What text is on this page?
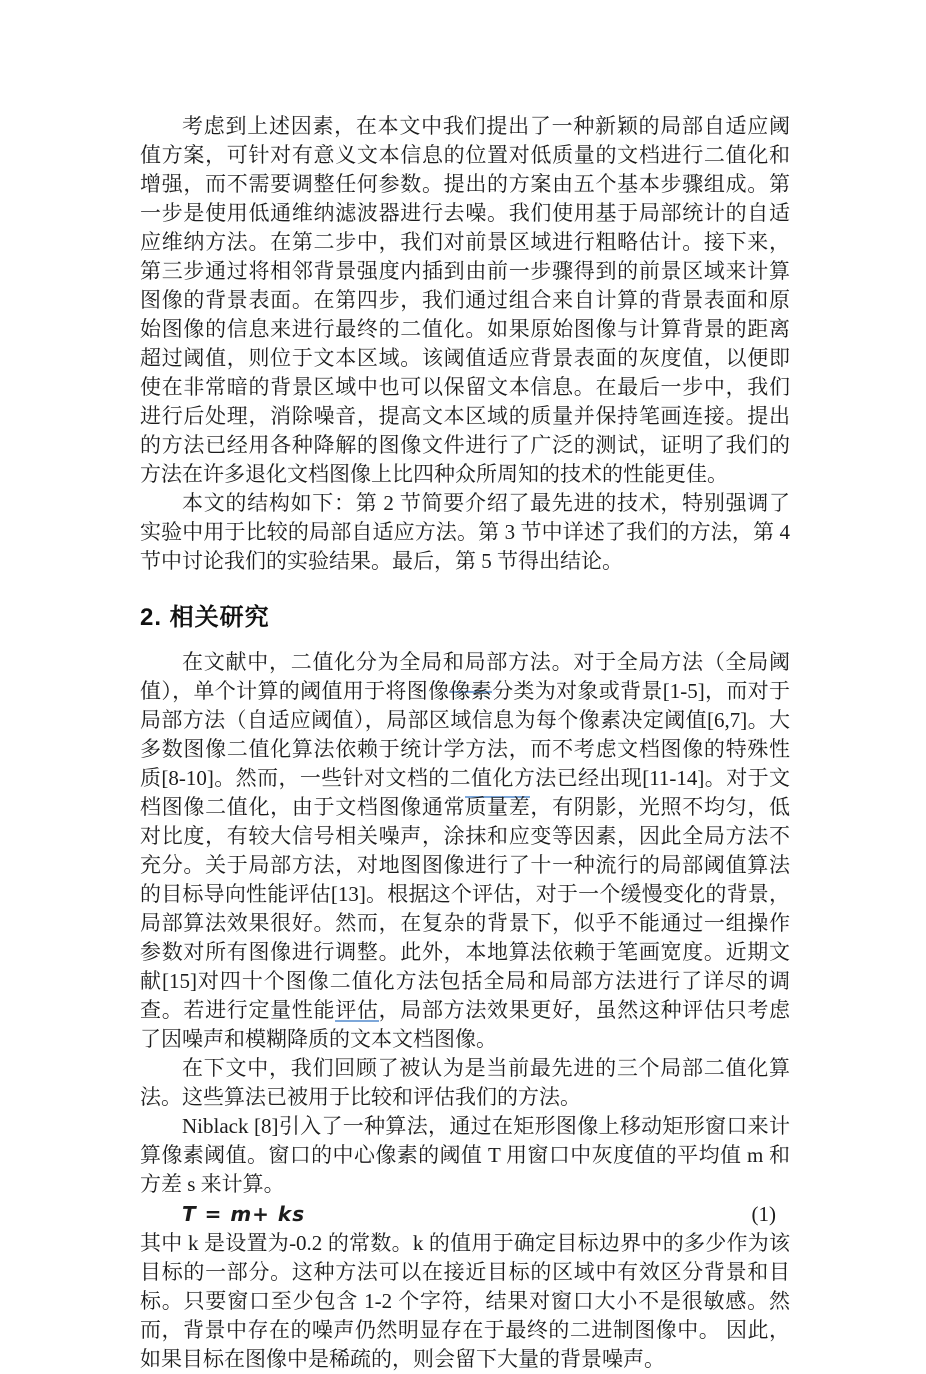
考虑到上述因素，在本文中我们提出了一种新颖的局部自适应阈值方案，可针对有意义文本信息的位置对低质量的文档进行二值化和增强，而不需要调整任何参数。提出的方案由五个基本步骤组成。第一步是使用低通维纳滤波器进行去噪。我们使用基于局部统计的自适应维纳方法。在第二步中，我们对前景区域进行粗略估计。接下来，第三步通过将相邻背景强度内插到由前一步骤得到的前景区域来计算图像的背景表面。在第四步，我们通过组合来自计算的背景表面和原始图像的信息来进行最终的二值化。如果原始图像与计算背景的距离超过阈值，则位于文本区域。该阈值适应背景表面的灰度值，以便即使在非常暗的背景区域中也可以保留文本信息。在最后一步中，我们进行后处理，消除噪音，提高文本区域的质量并保持笔画连接。提出的方法已经用各种降解的图像文件进行了广泛的测试，证明了我们的方法在许多退化文档图像上比四种众所周知的技术的性能更佳。

本文的结构如下：第 2 节简要介绍了最先进的技术，特别强调了实验中用于比较的局部自适应方法。第 3 节中详述了我们的方法，第 4 节中讨论我们的实验结果。最后，第 5 节得出结论。

2. 相关研究

在文献中，二值化分为全局和局部方法。对于全局方法（全局阈值），单个计算的阈值用于将图像像素分类为对象或背景[1-5]，而对于局部方法（自适应阈值），局部区域信息为每个像素决定阈值[6,7]。大多数图像二值化算法依赖于统计学方法，而不考虑文档图像的特殊性质[8-10]。然而，一些针对文档的二值化方法已经出现[11-14]。对于文档图像二值化，由于文档图像通常质量差，有阴影，光照不均匀，低对比度，有较大信号相关噪声，涂抹和应变等因素，因此全局方法不充分。关于局部方法，对地图图像进行了十一种流行的局部阈值算法的目标导向性能评估[13]。根据这个评估，对于一个缓慢变化的背景，局部算法效果很好。然而，在复杂的背景下，似乎不能通过一组操作参数对所有图像进行调整。此外，本地算法依赖于笔画宽度。近期文献[15]对四十个图像二值化方法包括全局和局部方法进行了详尽的调查。若进行定量性能评估，局部方法效果更好，虽然这种评估只考虑了因噪声和模糊降质的文本文档图像。

在下文中，我们回顾了被认为是当前最先进的三个局部二值化算法。这些算法已被用于比较和评估我们的方法。

Niblack [8]引入了一种算法，通过在矩形图像上移动矩形窗口来计算像素阈值。窗口的中心像素的阈值 T 用窗口中灰度值的平均值 m 和方差 s 来计算。

T = m+ ks	(1)

其中 k 是设置为-0.2 的常数。k 的值用于确定目标边界中的多少作为该目标的一部分。这种方法可以在接近目标的区域中有效区分背景和目标。只要窗口至少包含 1-2 个字符，结果对窗口大小不是很敏感。然而，背景中存在的噪声仍然明显存在于最终的二进制图像中。 因此，如果目标在图像中是稀疏的，则会留下大量的背景噪声。
